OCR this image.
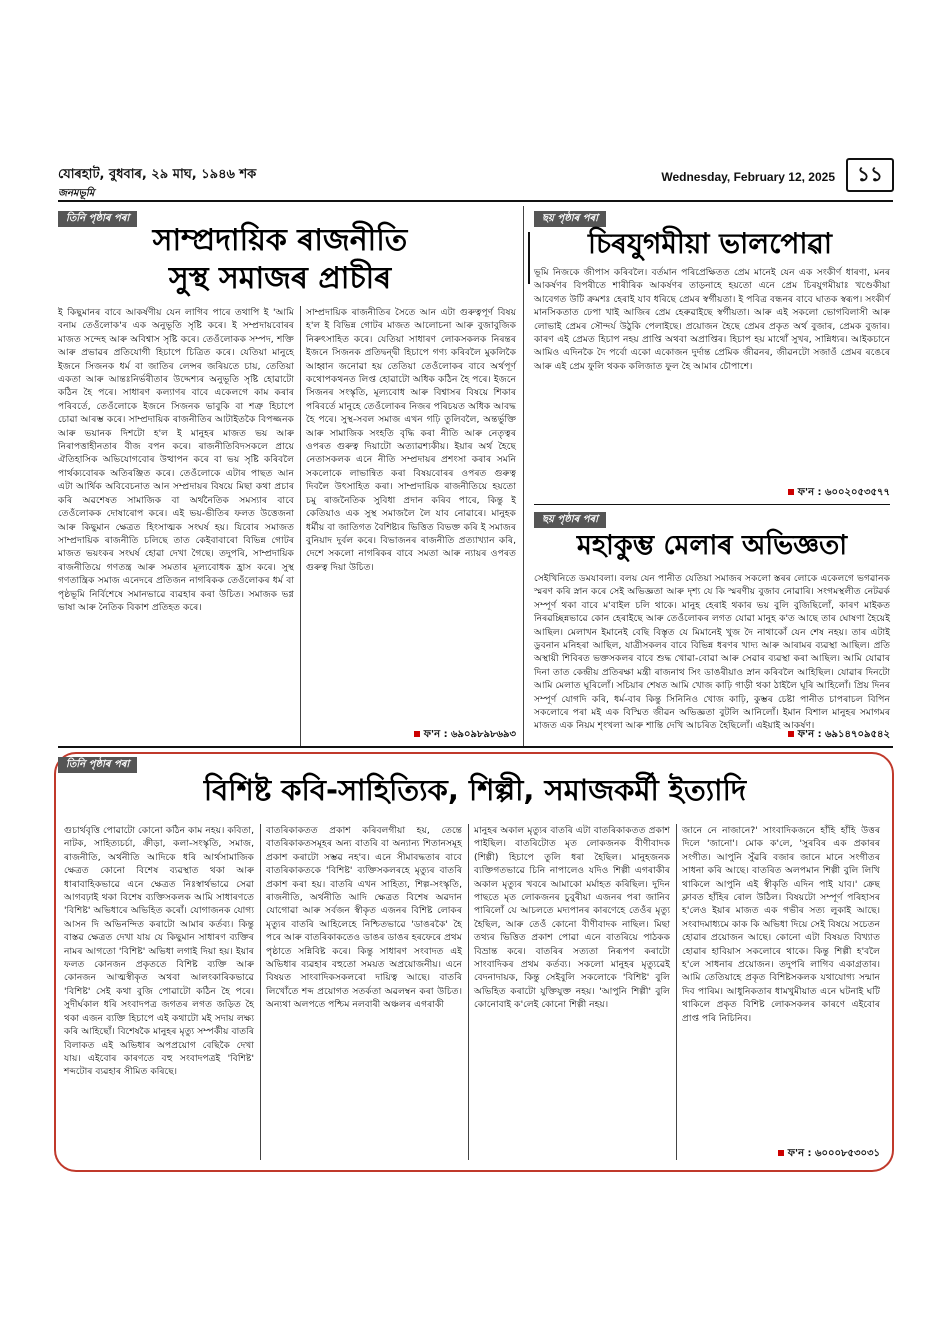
যোৰহাট, বুধবাৰ, ২৯ মাঘ, ১৯৪৬ শক
জনমভূমি
Wednesday, February 12, 2025	১১
তিনি পৃষ্ঠাৰ পৰা
সাম্প্ৰদায়িক ৰাজনীতি
সুস্থ সমাজৰ প্ৰাচীৰ
ই কিছুমানৰ বাবে আকৰ্ষণীয় যেন লাগিব পাৰে তথাপি ই 'আমি বনাম তেওঁলোক'ৰ এক অনুভূতি সৃষ্টি কৰে। ই সম্প্ৰদায়বোৰৰ মাজত সন্দেহ আৰু অবিশ্বাস সৃষ্টি কৰে। তেওঁলোকক সম্পদ, শক্তি আৰু প্ৰভাৱৰ প্ৰতিযোগী হিচাপে চিত্ৰিত কৰে। যেতিয়া মানুহে ইজনে সিজনক ধৰ্ম বা জাতিৰ লেন্সৰ জৰিয়তে চায়, তেতিয়া একতা আৰু আন্তঃনিৰ্ভৰীতাৰ উদ্দেশ্যৰ অনুভূতি সৃষ্টি হোৱাটো কঠিন হৈ পৰে। সাধাৰণ কল্যাণৰ বাবে একেলগে কাম কৰাৰ পৰিবৰ্তে, তেওঁলোকে ইজনে সিজনক ভাবুকি বা শত্ৰু হিচাপে চোৱা আৰম্ভ কৰে। সাম্প্ৰদায়িক ৰাজনীতিৰ আটাইতকৈ বিপজ্জনক আৰু ভয়ানক দিশটো হ'ল ই মানুহৰ মাজত ভয় আৰু নিৰাপত্তাহীনতাৰ বীজ বপন কৰে। ৰাজনীতিবিদসকলে প্ৰায়ে ঐতিহাসিক অভিযোগবোৰ উত্থাপন কৰে বা ভয় সৃষ্টি কৰিবলৈ পাৰ্থক্যবোৰক অতিৰঞ্জিত কৰে। তেওঁলোকে এটাৰ পাছত আন এটা আৰ্থিক অবিবেচনাত আন সম্প্ৰদায়ৰ বিষয়ে মিছা কথা প্ৰচাৰ কৰি অৱশেষত সামাজিক বা অৰ্থনৈতিক সমস্যাৰ বাবে তেওঁলোকক দোষাৰোপ কৰে। এই ভয়-ভীতিৰ ফলত উত্তেজনা আৰু কিছুমান ক্ষেত্ৰত হিংসাত্মক সংঘৰ্ষ হয়। যিবোৰ সমাজত সাম্প্ৰদায়িক ৰাজনীতি চলিছে তাত কেইবাবাৰো বিভিন্ন গোটৰ মাজত ভয়ংকৰ সংঘৰ্ষ হোৱা দেখা গৈছে। তদুপৰি, সাম্প্ৰদায়িক ৰাজনীতিয়ে গণতন্ত্ৰ আৰু সমতাৰ মূল্যবোধক হ্ৰাস কৰে। সুস্থ গণতান্ত্ৰিক সমাজ এনেদৰে প্ৰতিজন নাগৰিকক তেওঁলোকৰ ধৰ্ম বা পৃষ্ঠভূমি নিৰ্বিশেষে সমানভাৱে ব্যৱহাৰ কৰা উচিত। সমাজক ভগ্ন ভাষা আৰু নৈতিক বিকাশ প্ৰতিহত কৰে।
সাম্প্ৰদায়িক ৰাজনীতিৰ সৈতে আন এটা গুৰুত্বপূৰ্ণ বিষয় হ'ল ই বিভিন্ন গোটৰ মাজত আলোচনা আৰু বুজাবুজিক নিৰুৎসাহিত কৰে। যেতিয়া সাধাৰণ লোকসকলক নিৰন্তৰ ইজনে সিজনক প্ৰতিদ্বন্দ্বী হিচাপে গণ্য কৰিবলৈ মুকলিকৈ আহ্বান জনোৱা হয় তেতিয়া তেওঁলোকৰ বাবে অৰ্থপূৰ্ণ কথোপকথনত লিপ্ত হোৱাটো অধিক কঠিন হৈ পৰে। ইজনে সিজনৰ সংস্কৃতি, মূল্যবোধ আৰু বিশ্বাসৰ বিষয়ে শিকাৰ পৰিবৰ্তে মানুহে তেওঁলোকৰ নিজৰ পৰিচয়ত অধিক আবদ্ধ হৈ পৰে। সুস্থ-সবল সমাজ এখন গঢ়ি তুলিবলৈ, অন্তৰ্ভুক্তি আৰু সামাজিক সংহতি বৃদ্ধি কৰা নীতি আৰু নেতৃত্বৰ ওপৰত গুৰুত্ব দিয়াটো অত্যাৱশ্যকীয়। ইয়াৰ অৰ্থ হৈছে নেতাসকলক এনে নীতি সম্প্ৰদায়ৰ প্ৰশংসা কৰাৰ সমনি সকলোকে লাভান্বিত কৰা বিষয়বোৰৰ ওপৰত গুৰুত্ব দিবলৈ উৎসাহিত কৰা। সাম্প্ৰদায়িক ৰাজনীতিয়ে হয়তো চমু ৰাজনৈতিক সুবিধা প্ৰদান কৰিব পাৰে, কিন্তু ই কেতিয়াও এক সুস্থ সমাজলৈ লৈ যাব নোৱাৰে। মানুহক ধৰ্মীয় বা জাতিগত বৈশিষ্ট্যৰ ভিত্তিত বিভক্ত কৰি ই সমাজৰ বুনিয়াদ দুৰ্বল কৰে। বিভাজনৰ ৰাজনীতি প্ৰত্যাখ্যান কৰি, দেশে সকলো নাগৰিকৰ বাবে সমতা আৰু ন্যায়ৰ ওপৰত গুৰুত্ব দিয়া উচিত।
ফ'ন : ৬৯০৯৮৯৮৬৯৩
ছয় পৃষ্ঠাৰ পৰা
চিৰযুগমীয়া ভালপোৱা
ভূমি নিজকে জীপাস কৰিবলৈ। বৰ্তমান পৰিপ্ৰেক্ষিতত প্ৰেম মানেই যেন এক সংকীৰ্ণ ধাৰণা, মনৰ আকৰ্ষণৰ বিপৰীতে শাৰীৰিক আকৰ্ষণৰ তাড়নাহে হয়তো এনে প্ৰেম চিৰযুগমীয়াঃ খণ্ডেকীয়া আবেগত উটি ক্ৰমশঃ হেৰাই যাব ধৰিছে প্ৰেমৰ স্বৰ্গীয়তা। ই পবিত্ৰ বন্ধনৰ বাবে ঘাতক স্বৰূপ। সংকীৰ্ণ মানসিকতাত ঢেপা খাই আজিৰ প্ৰেম হেৰুৱাইছে স্বৰ্গীয়তা। আৰু এই সকলো ভোগবিলাসী আৰু লোভাই প্ৰেমৰ সৌন্দৰ্য উঠুকি পেলাইছে। প্ৰয়োজন হৈছে প্ৰেমৰ প্ৰকৃত অৰ্থ বুজাৰ, প্ৰেমক বুজাৰ। কাৰণ এই প্ৰেমত হিচাপ নহয় প্ৰাপ্তি অথবা অপ্ৰাপ্তিৰ। হিচাপ হয় মাথোঁ সুখৰ, সান্নিধ্যৰ। আইকচানে আমিও এদিনকৈ দৈ পৰ্বো একো একোজন দুৰ্দান্ত প্ৰেমিক জীৱনৰ, জীৱনটো সজাওঁ প্ৰেমৰ ৰঙেৰে আৰু এই প্ৰেম ফুলি থকক কলিজাত ফুল হৈ আমাৰ চৌপাশে।
ফ'ন : ৬০০২০৫৩৫৭৭
ছয় পৃষ্ঠাৰ পৰা
মহাকুম্ভ মেলাৰ অভিজ্ঞতা
সেইখিনিতে ডমযাবলা। বলয় যেন পানীত যেতিয়া সমাজৰ সকলো স্তৰৰ লোকে একেলগে ভগৱানক স্মৰণ কৰি স্নান কৰে সেই অভিজ্ঞতা আৰু দৃশ্য যে কি স্মৰণীয় বুজাব নোৱাৰি। সংগমস্থলীত নেটৱৰ্ক সম্পূৰ্ণ থকা বাবে ম'বাইল চলি থাকে। মানুহ হেৰাই থকাৰ ভয় বুলি বুজিছিলোঁ, কাৰণ মাইকত নিৰৱচ্ছিন্নভাৱে কোন হেৰাইছে আৰু তেওঁলোকৰ লগত যোৱা মানুহ ক'ত আছে তাৰ ঘোষণা হৈয়েই আছিল। মেলাখন ইমানেই বেছি বিস্তৃত যে মিমানেই খুজ দৈ নাথাকোঁ যেন শেষ নহয়। তাৰ এটাই ডুবনান মনিহৰা আছিল, যাত্ৰীসকলৰ বাবে বিভিন্ন ধৰণৰ খাদ্য আৰু আৰামৰ ব্যৱস্থা আছিল। প্ৰতি অস্থায়ী শিবিৰত ভক্তসকলৰ বাবে শুদ্ধ খোৱা-বোৱা আৰু সেৱাৰ ব্যৱস্থা কৰা আছিল। আমি যোৱাৰ দিনা তাত কেন্দ্ৰীয় প্ৰতিৰক্ষা মন্ত্ৰী ৰাজনাথ সিং ডাঙৰীয়াও স্নান কৰিবলৈ আহিছিল। যোৱাৰ দিনটো আমি মেলাত ঘূৰিলোঁ। সচিয়াৰ শেষত আমি খোজ কাঢ়ি গাড়ী থকা ঠাইলৈ ঘূৰি আহিলোঁ। প্ৰিয় দিনৰ সম্পূৰ্ণ যোগদি কৰি, ধৰ্ম-বাৰ কিন্তু সিনিনিও খোজ কাঢ়ি, কুম্ভৰ চেষ্টা পানীত চাপৰাচল বিপিন সকলোৰে পৰা মই এক বিস্মিত জীৱন অভিজ্ঞতা বুটলি আনিলোঁ। ইমান বিশাল মানুহৰ সমাগমৰ মাজত এক নিয়ম শৃংখলা আৰু শান্তি দেখি আচৰিত হৈছিলোঁ। এইয়াই আকৰ্ষণ।
ফ'ন : ৬৯১৪৭০৯৫৪২
তিনি পৃষ্ঠাৰ পৰা
বিশিষ্ট কবি-সাহিত্যিক, শিল্পী, সমাজকৰ্মী ইত্যাদি
গুচাৰ্থবৃত্তি পোৱাটো কোনো কঠিন কাম নহয়। কবিতা, নাটক, সাহিত্যচৰ্চা, ক্ৰীড়া, কলা-সংস্কৃতি, সমাজ, ৰাজনীতি, অৰ্থনীতি আদিকে ধৰি আৰ্থসামাজিক ক্ষেত্ৰত কোনো বিশেষ ব্যৱস্থাত থকা আৰু ধাৰাবাহিকভাৱে এনে ক্ষেত্ৰত নিঃস্বাৰ্থভাৱে সেৱা আগবঢ়াই থকা বিশেষ ব্যক্তিসকলক আমি সাধাৰণতে 'বিশিষ্ট' অভিধাৰে অভিহিত কৰোঁ। যোগাজনক যোগ্য আসন দি অভিনন্দিত কৰাটো আমাৰ কৰ্তব্য। কিন্তু বাস্তৱ ক্ষেত্ৰত দেখা যায় যে কিছুমান সাধাৰণ ব্যক্তিৰ নামৰ আগতো 'বিশিষ্ট' অভিধা লগাই দিয়া হয়। ইয়াৰ ফলত কোনজন প্ৰকৃততে বিশিষ্ট ব্যক্তি আৰু কোনজন আত্মস্বীকৃত অথবা আলংকাৰিকভাৱে 'বিশিষ্ট' সেই কথা বুজি পোৱাটো কঠিন হৈ পৰে। সুদীৰ্ঘকাল ধৰি সংবাদপত্ৰ জগতৰ লগত জড়িত হৈ থকা এজন ব্যক্তি হিচাপে এই কথাটো মই সদায় লক্ষ্য কৰি আহিছোঁ। বিশেষকৈ মানুহৰ মৃত্যু সম্পৰ্কীয় বাতৰি বিলাকত এই অভিধাৰ অপপ্ৰয়োগ বেছিকৈ দেখা যায়। এইবোৰ কাৰণতে বহু সংবাদপত্ৰই 'বিশিষ্ট' শব্দটোৰ ব্যৱহাৰ সীমিত কৰিছে।
বাতৰিকাকতত প্ৰকাশ কৰিবলগীয়া হয়, তেন্তে বাতৰিকাকতসমূহৰ অন্য বাতৰি বা অন্যান্য শিতানসমূহ প্ৰকাশ কৰাটো সম্ভৱ নহ'ব। এনে সীমাবদ্ধতাৰ বাবে বাতৰিকাকতকে 'বিশিষ্ট' ব্যক্তিসকলৰহে মৃত্যুৰ বাতৰি প্ৰকাশ কৰা হয়। বাতৰি এখন সাহিত্য, শিল্প-সংস্কৃতি, ৰাজনীতি, অৰ্থনীতি আদি ক্ষেত্ৰত বিশেষ অৱদান যোগোৱা আৰু সৰ্বজন স্বীকৃত এজনৰ বিশিষ্ট লোকৰ মৃত্যুৰ বাতৰি আহিলেহে নিশ্চিতভাৱে 'ডাঙৰকৈ' হৈ পৰে আৰু বাতৰিকাকতেও ডাঙৰ ডাঙৰ হৰফেৰে প্ৰথম পৃষ্ঠাতে সন্নিবিষ্ট কৰে। কিন্তু সাধাৰণ সংবাদত এই অভিধাৰ ব্যৱহাৰ বহুতো সময়ত অপ্ৰয়োজনীয়। এনে বিষয়ত সাংবাদিকসকলৰো দায়িত্ব আছে। বাতৰি লিখোঁতে শব্দ প্ৰয়োগত সতৰ্কতা অৱলম্বন কৰা উচিত। অন্যথা অলপতে পশ্চিম নলবাৰী অঞ্চলৰ এগৰাকী
মানুহৰ অকাল মৃত্যুৰ বাতৰি এটা বাতৰিকাকতত প্ৰকাশ পাইছিল। বাতৰিটোত মৃত লোকজনক বীণীবাদক (শিল্পী) হিচাপে তুলি ধৰা হৈছিল। মানুহজনক ব্যক্তিগতভাৱে চিনি নাপালেও যদিও শিল্পী এগৰাকীৰ অকাল মৃত্যুৰ খবৰে আমাকো মৰ্মাহত কৰিছিল। দুদিন পাছতে মৃত লোকজনৰ চুবুৰীয়া এজনৰ পৰা জানিব পাৰিলোঁ যে আচলতে মদ্যপানৰ কাৰণেহে তেওঁৰ মৃত্যু হৈছিল, আৰু তেওঁ কোনো বীণীবাদক নাছিল। মিছা তথ্যৰ ভিত্তিত প্ৰকাশ পোৱা এনে বাতৰিয়ে পাঠকক বিভ্ৰান্ত কৰে। বাতৰিৰ সত্যতা নিৰূপণ কৰাটো সাংবাদিকৰ প্ৰথম কৰ্তব্য। সকলো মানুহৰ মৃত্যুৱেই বেদনাদায়ক, কিন্তু সেইবুলি সকলোকে 'বিশিষ্ট' বুলি অভিহিত কৰাটো যুক্তিযুক্ত নহয়। 'আপুনি শিল্পী' বুলি কোনোবাই ক'লেই কোনো শিল্পী নহয়।
জানে নে নাজানে?' সাংবাদিকজনে হাঁহি হাঁহি উত্তৰ দিলে 'জানো'। মোক ক'লে, 'সুৰবিৰ এক প্ৰকাৰৰ সংগীত। আপুনি সুঁৱৰি বজাৰ জানে মানে সংগীতৰ সাধনা কৰি আছে। বাতৰিত অলপমান শিল্পী বুলি লিখি থাকিলে আপুনি এই স্বীকৃতি এদিন পাই যাব।' ক্ৰেছ ক্লাবত হাঁহিৰ ৰোল উঠিল। বিষয়টো সম্পূৰ্ণ পৰিহাসৰ হ'লেও ইয়াৰ মাজত এক গভীৰ সত্য লুকাই আছে। সংবাদমাধ্যমে কাক কি অভিধা দিয়ে সেই বিষয়ে সচেতন হোৱাৰ প্ৰয়োজন আছে। কোনো এটা বিষয়ত বিখ্যাত হোৱাৰ হাবিয়াস সকলোৰে থাকে। কিন্তু শিল্পী হ'বলৈ হ'লে সাধনাৰ প্ৰয়োজন। তদুপৰি লাগিব একাগ্ৰতাৰ। আমি তেতিয়াহে প্ৰকৃত বিশিষ্টসকলক যথাযোগ্য সন্মান দিব পাৰিম। আধুনিকতাৰ ধামখুমীয়াত এনে ঘটনাই ঘটি থাকিলে প্ৰকৃত বিশিষ্ট লোকসকলৰ কাৰণে এইবোৰ প্ৰাপ্ত পৰি নিচিনিব।
ফ'ন : ৬০০০৮৫৩০৩১
